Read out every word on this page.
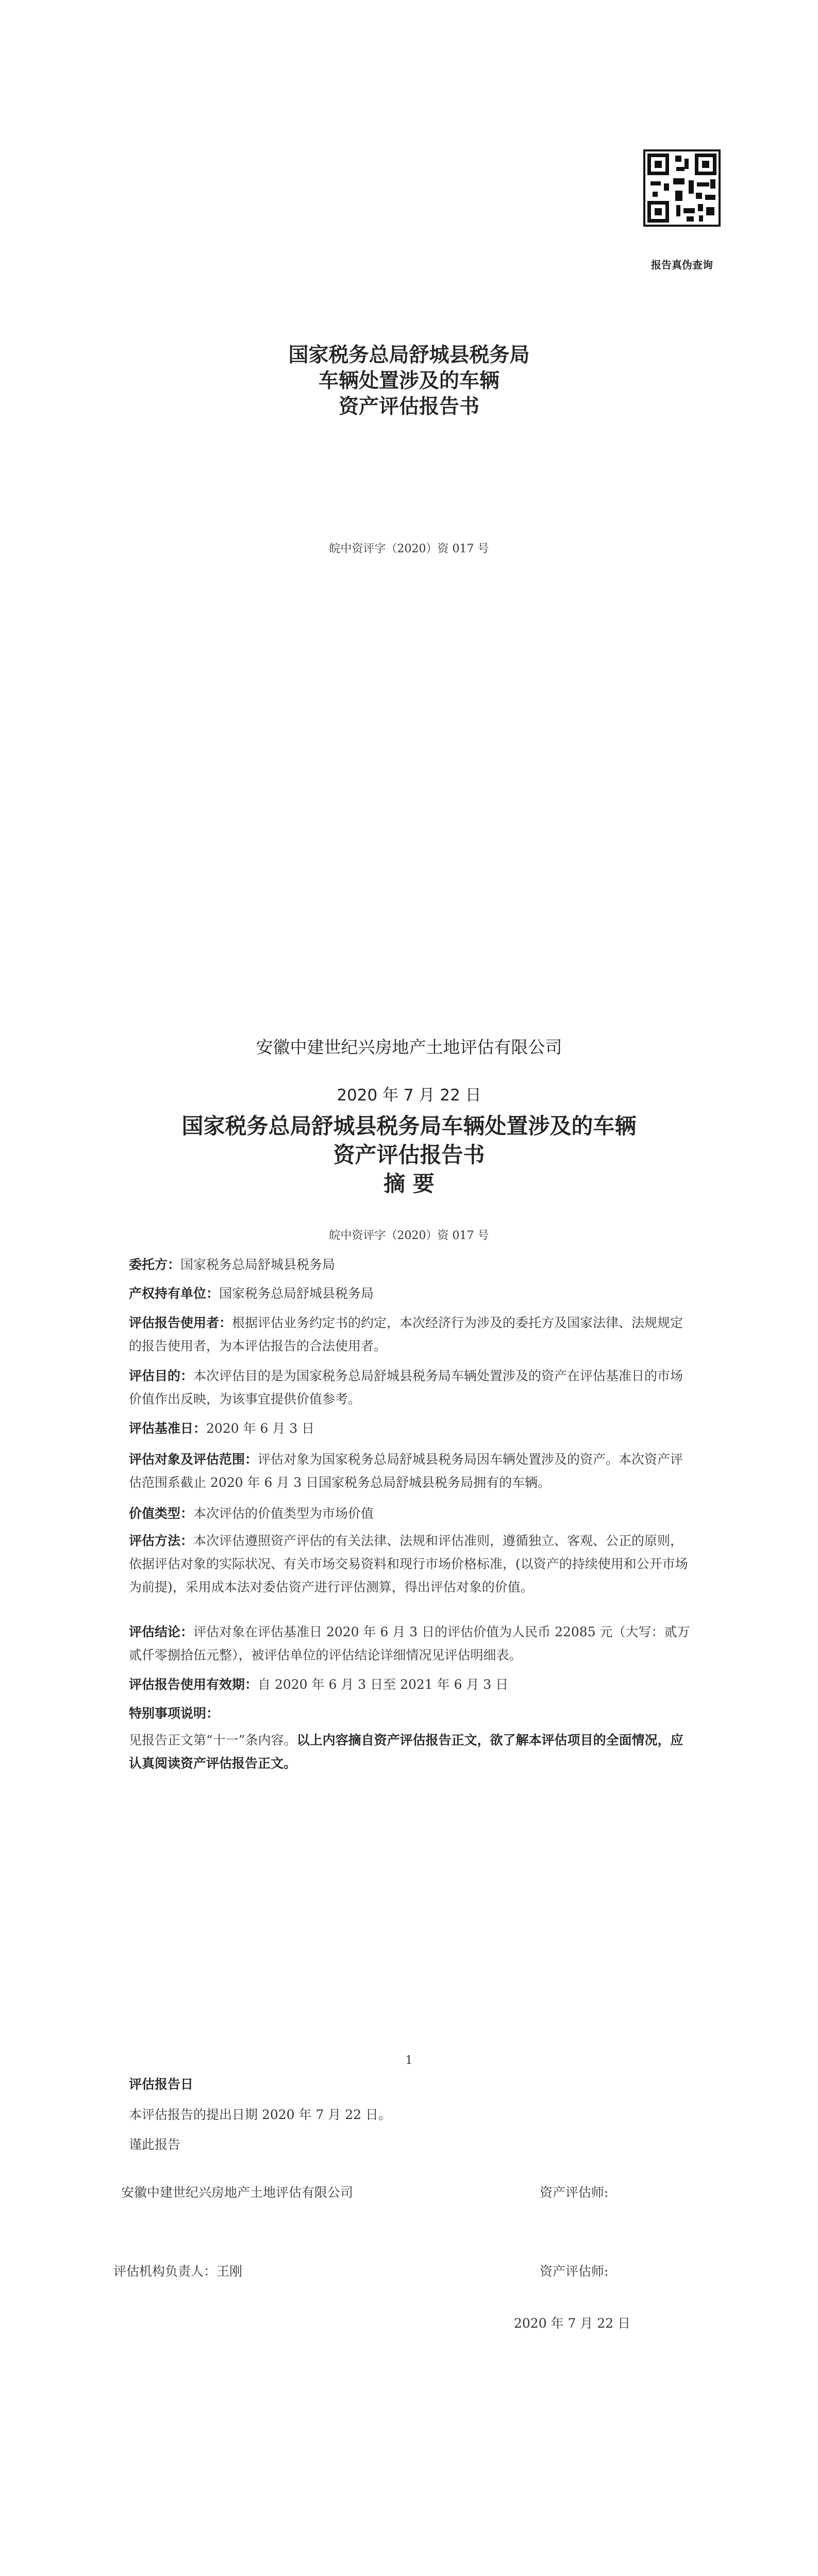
报告真伪查询
国家税务总局舒城县税务局
车辆处置涉及的车辆
资产评估报告书
皖中资评字（2020）资 017 号
安徽中建世纪兴房地产土地评估有限公司
2020 年 7 月 22 日
国家税务总局舒城县税务局车辆处置涉及的车辆
资产评估报告书
摘 要
皖中资评字（2020）资 017 号
委托方：国家税务总局舒城县税务局
产权持有单位：国家税务总局舒城县税务局
评估报告使用者：根据评估业务约定书的约定，本次经济行为涉及的委托方及国家法律、法规规定的报告使用者，为本评估报告的合法使用者。
评估目的：本次评估目的是为国家税务总局舒城县税务局车辆处置涉及的资产在评估基准日的市场价值作出反映，为该事宜提供价值参考。
评估基准日：2020 年 6 月 3 日
评估对象及评估范围：评估对象为国家税务总局舒城县税务局因车辆处置涉及的资产。本次资产评估范围系截止 2020 年 6 月 3 日国家税务总局舒城县税务局拥有的车辆。
价值类型：本次评估的价值类型为市场价值
评估方法：本次评估遵照资产评估的有关法律、法规和评估准则，遵循独立、客观、公正的原则，依据评估对象的实际状况、有关市场交易资料和现行市场价格标准，(以资产的持续使用和公开市场为前提)，采用成本法对委估资产进行评估测算，得出评估对象的价值。
评估结论：评估对象在评估基准日 2020 年 6 月 3 日的评估价值为人民币 22085 元（大写：贰万贰仟零捌拾伍元整），被评估单位的评估结论详细情况见评估明细表。
评估报告使用有效期：自 2020 年 6 月 3 日至 2021 年 6 月 3 日
特别事项说明：
见报告正文第“十一”条内容。以上内容摘自资产评估报告正文，欲了解本评估项目的全面情况，应认真阅读资产评估报告正文。
1
评估报告日
本评估报告的提出日期 2020 年 7 月 22 日。
谨此报告
安徽中建世纪兴房地产土地评估有限公司	资产评估师:
评估机构负责人：王刚	资产评估师:
2020 年 7 月 22 日
